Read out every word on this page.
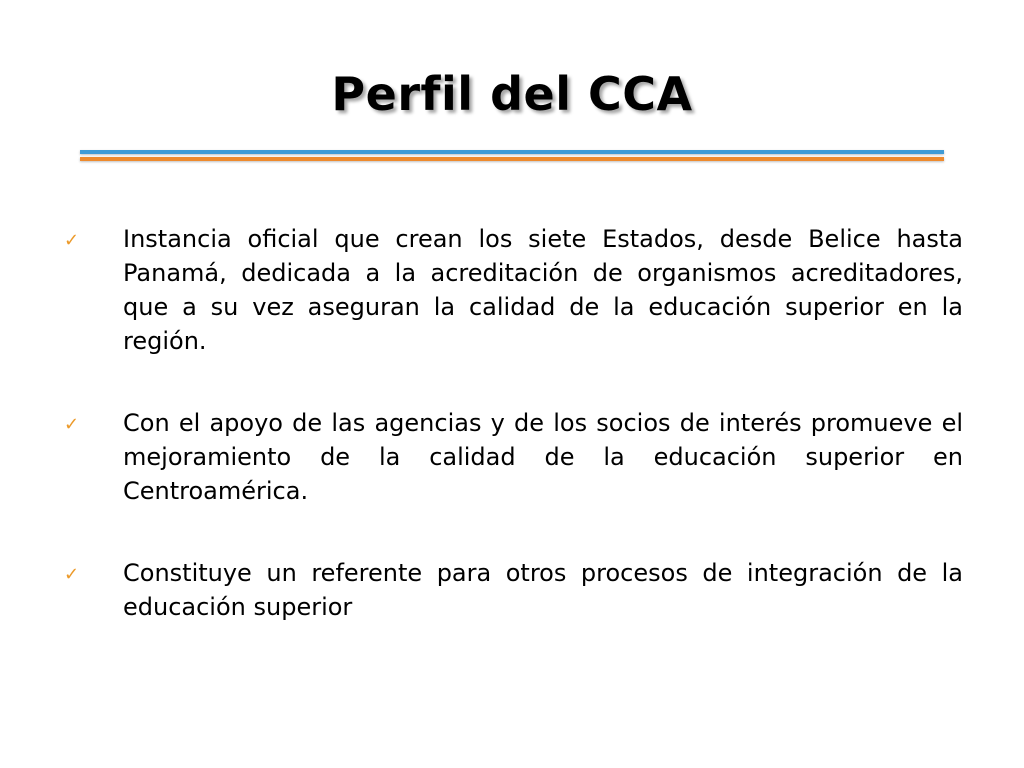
Perfil del CCA
✓ Instancia oficial que crean los siete Estados, desde Belice hasta Panamá, dedicada a la acreditación de organismos acreditadores, que a su vez aseguran la calidad de la educación superior en la región.
✓ Con el apoyo de las agencias y de los socios de interés promueve el mejoramiento de la calidad de la educación superior en Centroamérica.
✓ Constituye un referente para otros procesos de integración de la educación superior
